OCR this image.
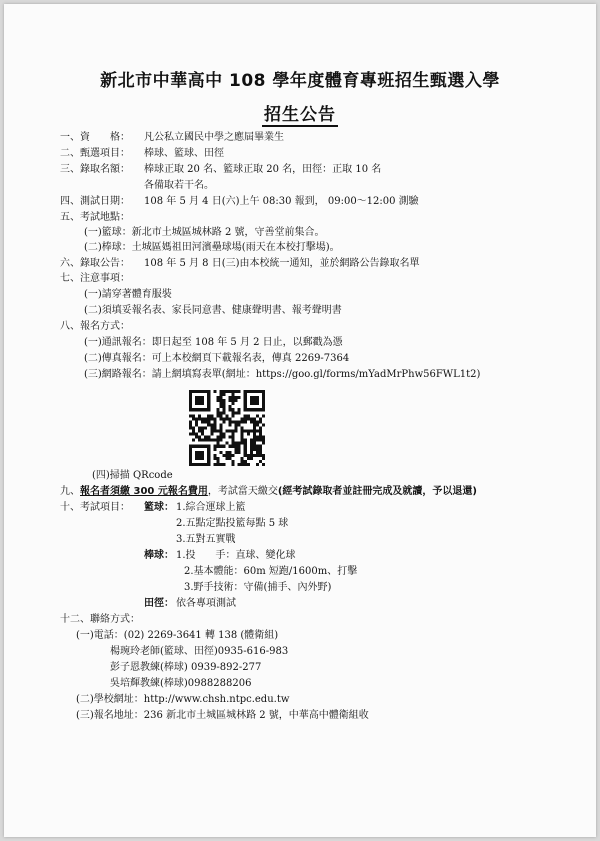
新北市中華高中 108 學年度體育專班招生甄選入學
招生公告
一、資　　格： 凡公私立國民中學之應屆畢業生
二、甄選項目： 棒球、籃球、田徑
三、錄取名額： 棒球正取 20 名、籃球正取 20 名，田徑：正取 10 名
各備取若干名。
四、測試日期： 108 年 5 月 4 日(六)上午 08:30 報到， 09:00～12:00 測驗
五、考試地點：
(一)籃球：新北市土城區城林路 2 號，守善堂前集合。
(二)棒球：土城區媽祖田河濱壘球場(雨天在本校打擊場)。
六、錄取公告： 108 年 5 月 8 日(三)由本校統一通知，並於網路公告錄取名單
七、注意事項：
(一)請穿著體育服裝
(二)須填妥報名表、家長同意書、健康聲明書、報考聲明書
八、報名方式：
(一)通訊報名：即日起至 108 年 5 月 2 日止，以郵戳為憑
(二)傳真報名：可上本校網頁下載報名表，傳真 2269-7364
(三)網路報名：請上網填寫表單(網址：https://goo.gl/forms/mYadMrPhw56FWL1t2)
(四)掃描 QRcode
九、報名者須繳 300 元報名費用，考試當天繳交(經考試錄取者並註冊完成及就讀，予以退還)
十、考試項目： 籃球： 1.綜合運球上籃
2.五點定點投籃每點 5 球
3.五對五實戰
棒球： 1.投　　手：直球、變化球
2.基本體能：60m 短跑/1600m、打擊
3.野手技術：守備(捕手、內外野)
田徑： 依各專項測試
十二、聯絡方式：
(一)電話：(02) 2269-3641 轉 138 (體衛組)
楊琬玲老師(籃球、田徑)0935-616-983
彭子恩教練(棒球) 0939-892-277
吳培輝教練(棒球)0988288206
(二)學校網址：http://www.chsh.ntpc.edu.tw
(三)報名地址：236 新北市土城區城林路 2 號，中華高中體衛組收
